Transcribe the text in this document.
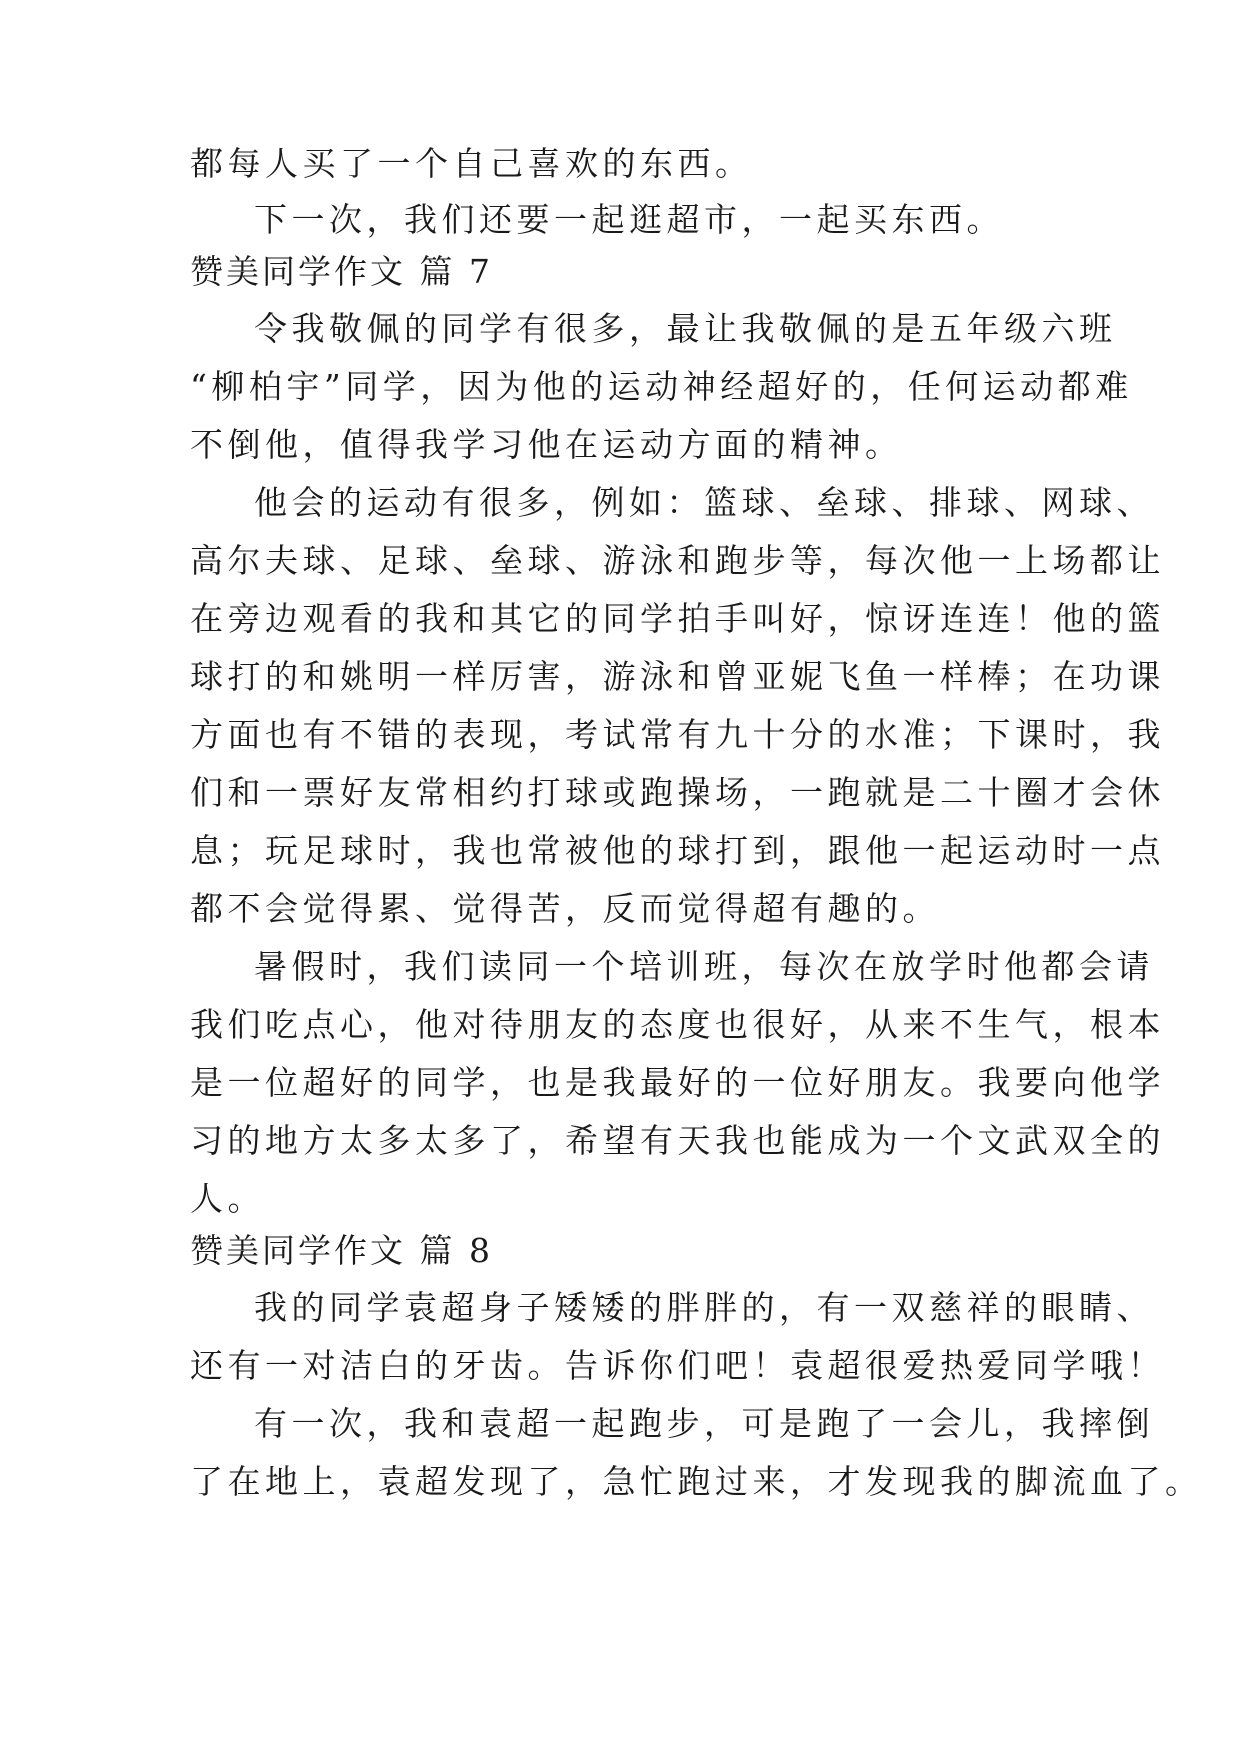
都每人买了一个自己喜欢的东西。
下一次，我们还要一起逛超市，一起买东西。
赞美同学作文 篇 7
令我敬佩的同学有很多，最让我敬佩的是五年级六班
“柳柏宇”同学，因为他的运动神经超好的，任何运动都难
不倒他，值得我学习他在运动方面的精神。
他会的运动有很多，例如：篮球、垒球、排球、网球、
高尔夫球、足球、垒球、游泳和跑步等，每次他一上场都让
在旁边观看的我和其它的同学拍手叫好，惊讶连连！他的篮
球打的和姚明一样厉害，游泳和曾亚妮飞鱼一样棒；在功课
方面也有不错的表现，考试常有九十分的水准；下课时，我
们和一票好友常相约打球或跑操场，一跑就是二十圈才会休
息；玩足球时，我也常被他的球打到，跟他一起运动时一点
都不会觉得累、觉得苦，反而觉得超有趣的。
暑假时，我们读同一个培训班，每次在放学时他都会请
我们吃点心，他对待朋友的态度也很好，从来不生气，根本
是一位超好的同学，也是我最好的一位好朋友。我要向他学
习的地方太多太多了，希望有天我也能成为一个文武双全的
人。
赞美同学作文 篇 8
我的同学袁超身子矮矮的胖胖的，有一双慈祥的眼睛、
还有一对洁白的牙齿。告诉你们吧！袁超很爱热爱同学哦！
有一次，我和袁超一起跑步，可是跑了一会儿，我摔倒
了在地上，袁超发现了，急忙跑过来，才发现我的脚流血了。
